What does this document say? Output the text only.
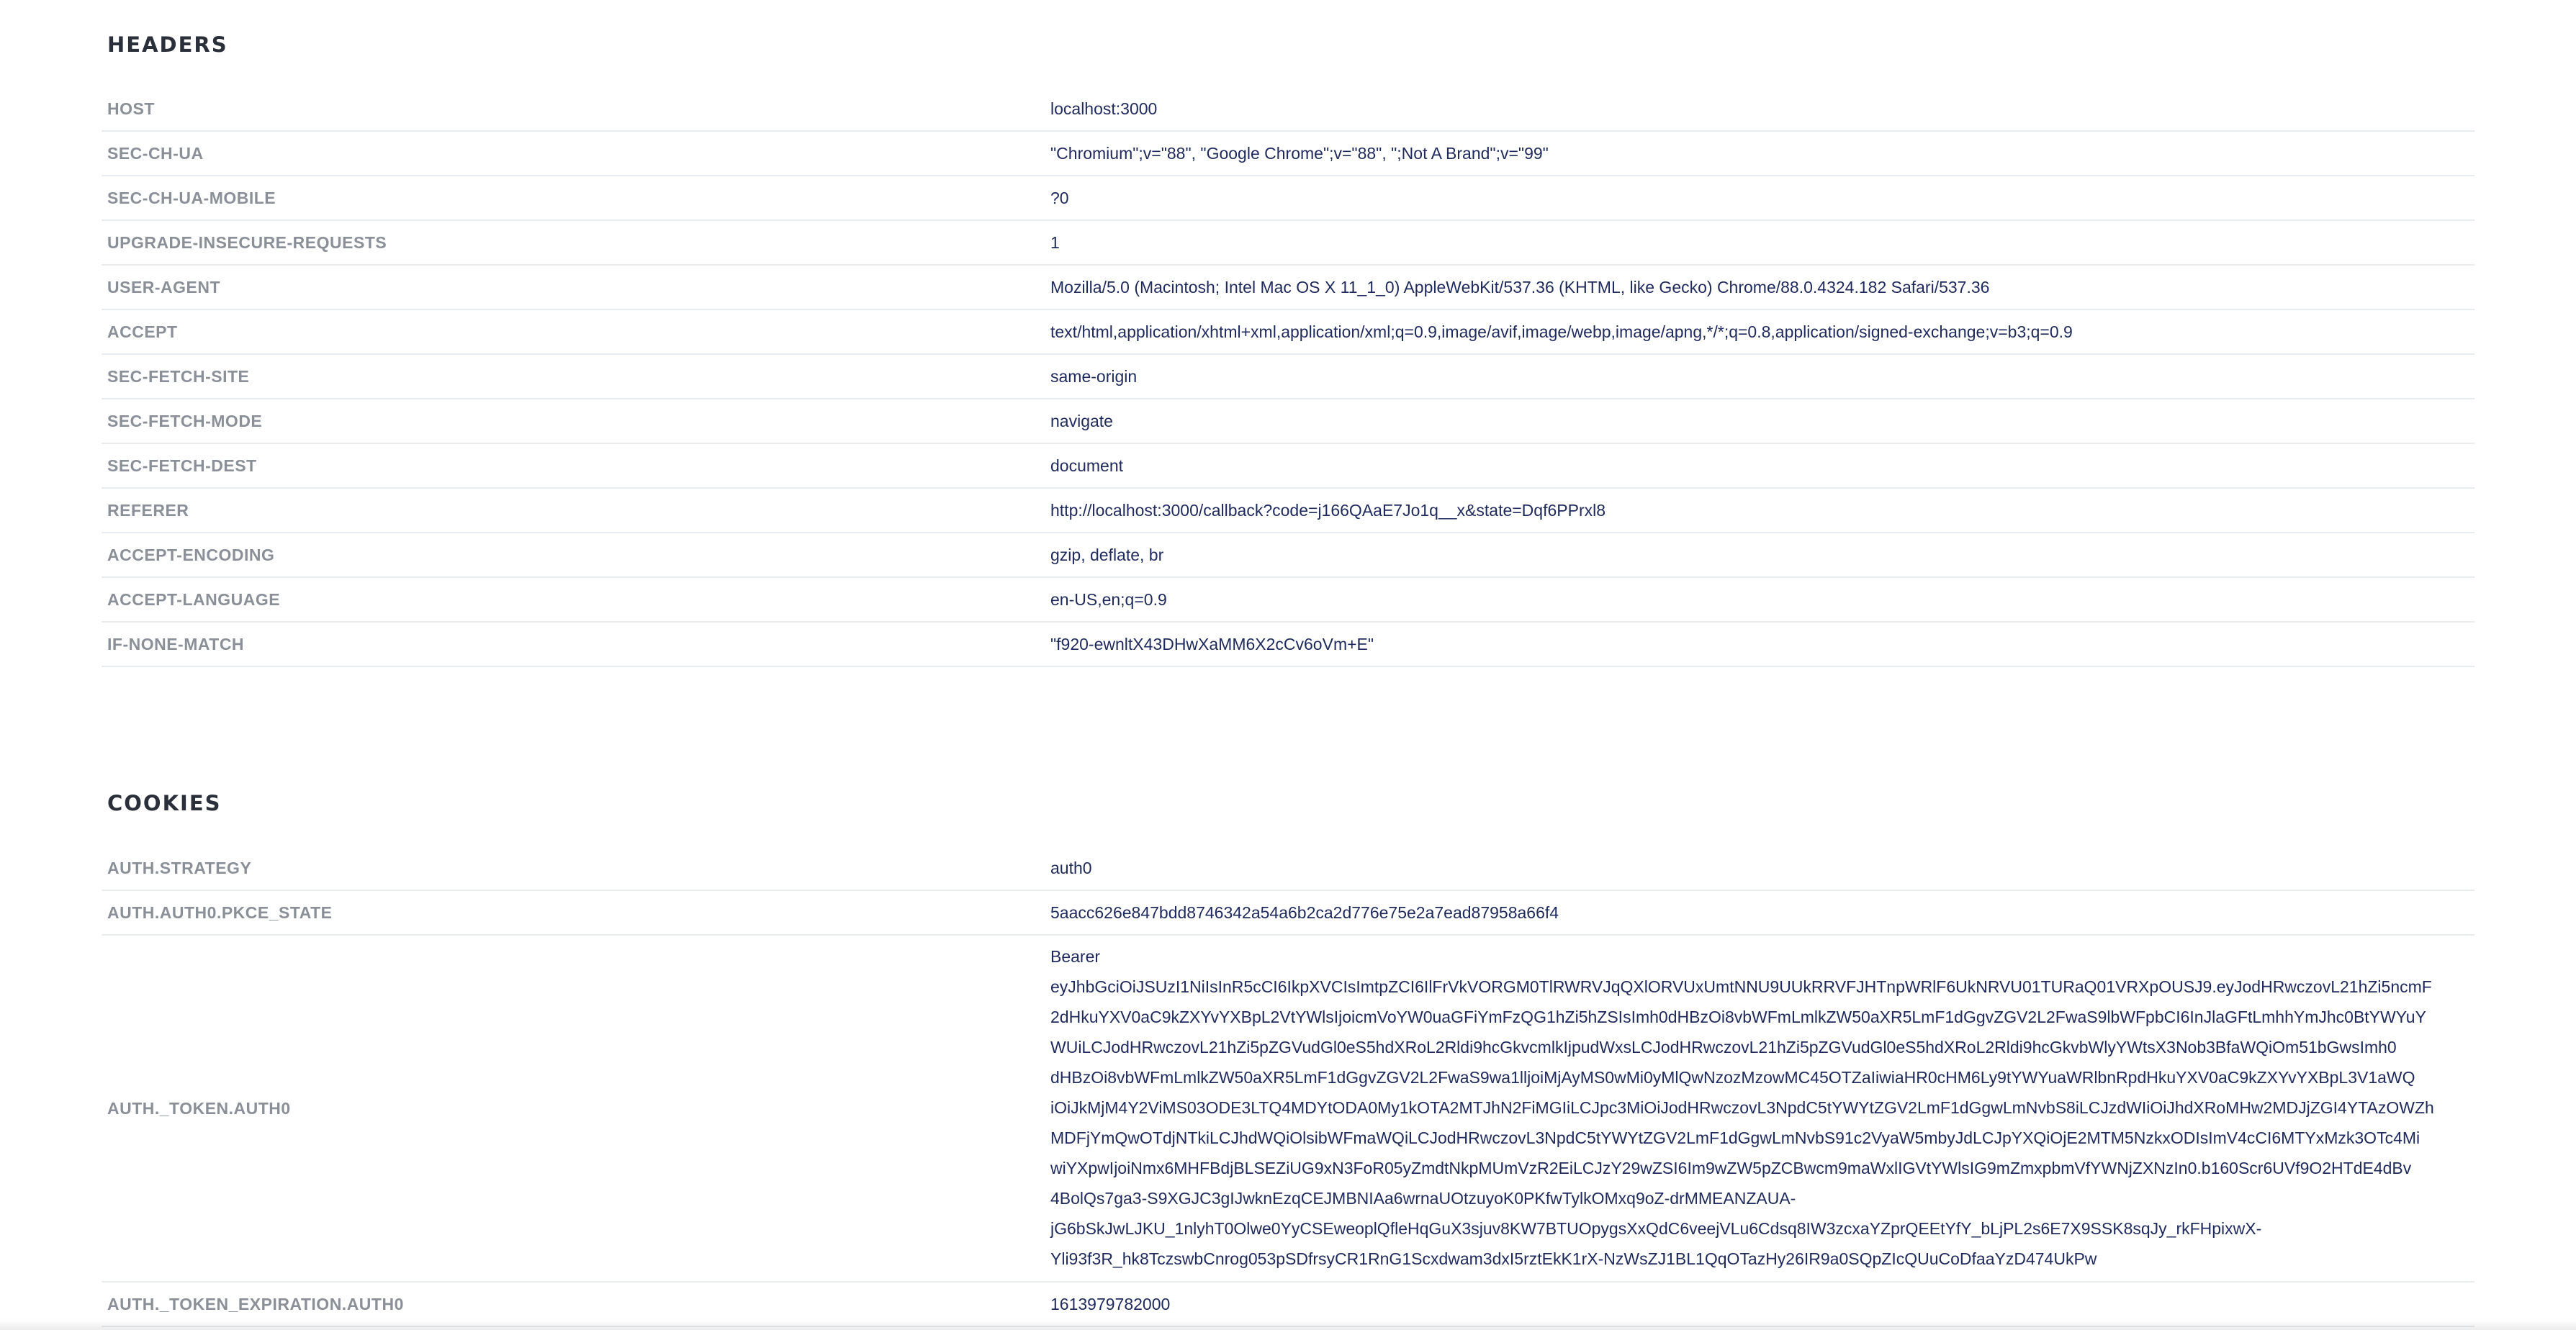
HEADERS
HOST	localhost:3000
SEC-CH-UA	"Chromium";v="88", "Google Chrome";v="88", ";Not A Brand";v="99"
SEC-CH-UA-MOBILE	?0
UPGRADE-INSECURE-REQUESTS	1
USER-AGENT	Mozilla/5.0 (Macintosh; Intel Mac OS X 11_1_0) AppleWebKit/537.36 (KHTML, like Gecko) Chrome/88.0.4324.182 Safari/537.36
ACCEPT	text/html,application/xhtml+xml,application/xml;q=0.9,image/avif,image/webp,image/apng,*/*;q=0.8,application/signed-exchange;v=b3;q=0.9
SEC-FETCH-SITE	same-origin
SEC-FETCH-MODE	navigate
SEC-FETCH-DEST	document
REFERER	http://localhost:3000/callback?code=j166QAaE7Jo1q__x&state=Dqf6PPrxl8
ACCEPT-ENCODING	gzip, deflate, br
ACCEPT-LANGUAGE	en-US,en;q=0.9
IF-NONE-MATCH	"f920-ewnltX43DHwXaMM6X2cCv6oVm+E"
COOKIES
AUTH.STRATEGY	auth0
AUTH.AUTH0.PKCE_STATE	5aacc626e847bdd8746342a54a6b2ca2d776e75e2a7ead87958a66f4
AUTH._TOKEN.AUTH0
Bearer
eyJhbGciOiJSUzI1NiIsInR5cCI6IkpXVCIsImtpZCI6IlFrVkVORGM0TlRWRVJqQXlORVUxUmtNNU9UUkRRVFJHTnpWRlF6UkNRVU01TURaQ01VRXpOUSJ9.eyJodHRwczovL21hZi5ncmF
2dHkuYXV0aC9kZXYvYXBpL2VtYWlsIjoicmVoYW0uaGFiYmFzQG1hZi5hZSIsImh0dHBzOi8vbWFmLmlkZW50aXR5LmF1dGgvZGV2L2FwaS9lbWFpbCI6InJlaGFtLmhhYmJhc0BtYWYuY
WUiLCJodHRwczovL21hZi5pZGVudGl0eS5hdXRoL2Rldi9hcGkvcmlkIjpudWxsLCJodHRwczovL21hZi5pZGVudGl0eS5hdXRoL2Rldi9hcGkvbWlyYWtsX3Nob3BfaWQiOm51bGwsImh0
dHBzOi8vbWFmLmlkZW50aXR5LmF1dGgvZGV2L2FwaS9wa1lljoiMjAyMS0wMi0yMlQwNzozMzowMC45OTZaIiwiaHR0cHM6Ly9tYWYuaWRlbnRpdHkuYXV0aC9kZXYvYXBpL3V1aWQ
iOiJkMjM4Y2ViMS03ODE3LTQ4MDYtODA0My1kOTA2MTJhN2FiMGIiLCJpc3MiOiJodHRwczovL3NpdC5tYWYtZGV2LmF1dGgwLmNvbS8iLCJzdWIiOiJhdXRoMHw2MDJjZGI4YTAzOWZh
MDFjYmQwOTdjNTkiLCJhdWQiOlsibWFmaWQiLCJodHRwczovL3NpdC5tYWYtZGV2LmF1dGgwLmNvbS91c2VyaW5mbyJdLCJpYXQiOjE2MTM5NzkxODIsImV4cCI6MTYxMzk3OTc4Mi
wiYXpwIjoiNmx6MHFBdjBLSEZiUG9xN3FoR05yZmdtNkpMUmVzR2EiLCJzY29wZSI6Im9wZW5pZCBwcm9maWxlIGVtYWlsIG9mZmxpbmVfYWNjZXNzIn0.b160Scr6UVf9O2HTdE4dBv
4BolQs7ga3-S9XGJC3gIJwknEzqCEJMBNIAa6wrnaUOtzuyoK0PKfwTylkOMxq9oZ-drMMEANZAUA-
jG6bSkJwLJKU_1nlyhT0Olwe0YyCSEweoplQfleHqGuX3sjuv8KW7BTUOpygsXxQdC6veejVLu6Cdsq8IW3zcxaYZprQEEtYfY_bLjPL2s6E7X9SSK8sqJy_rkFHpixwX-
Yli93f3R_hk8TczswbCnrog053pSDfrsyCR1RnG1Scxdwam3dxI5rztEkK1rX-NzWsZJ1BL1QqOTazHy26IR9a0SQpZIcQUuCoDfaaYzD474UkPw
AUTH._TOKEN_EXPIRATION.AUTH0	1613979782000
